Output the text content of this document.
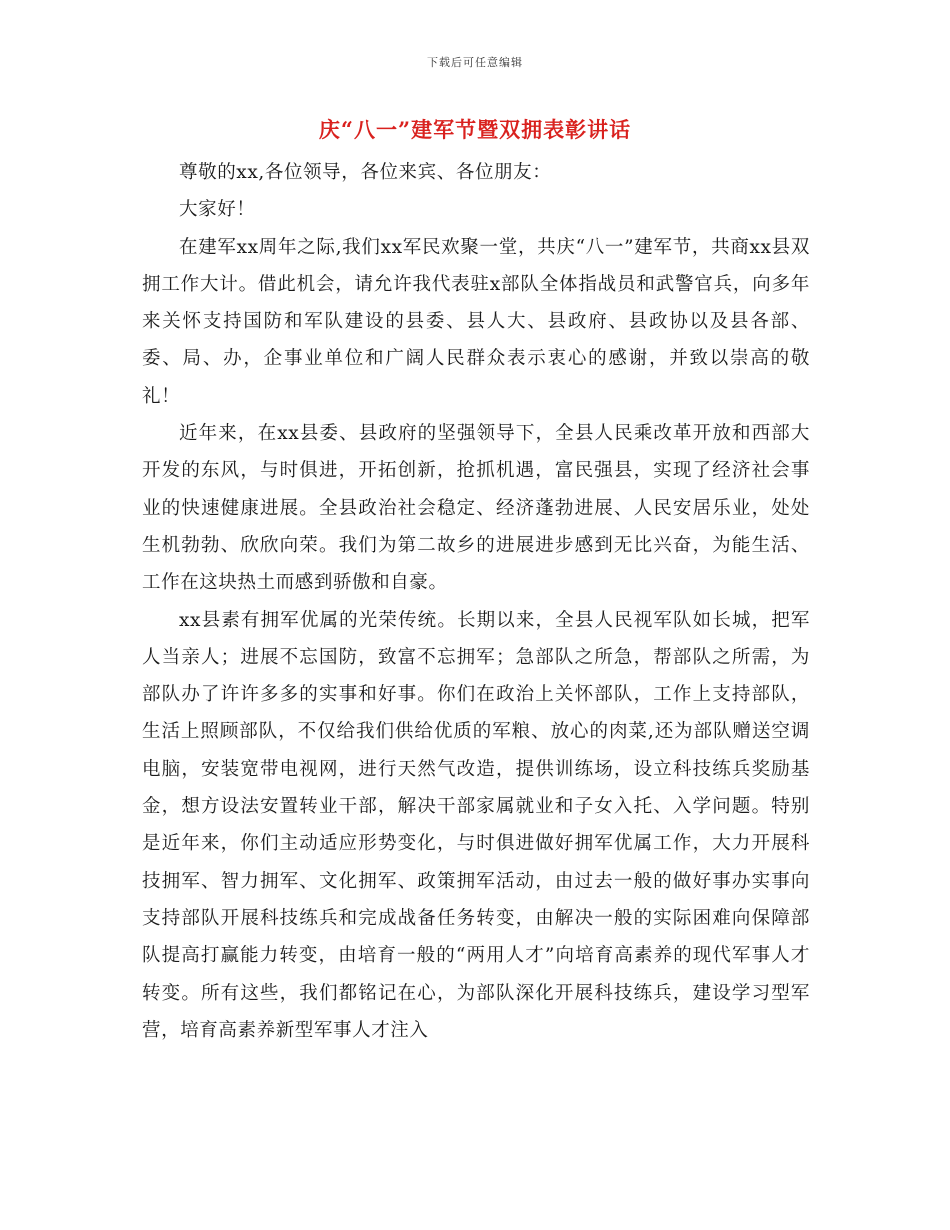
下载后可任意编辑
庆“八一”建军节暨双拥表彰讲话

尊敬的xx,各位领导，各位来宾、各位朋友：

大家好！

在建军xx周年之际,我们xx军民欢聚一堂，共庆“八一”建军节，共商xx县双拥工作大计。借此机会，请允许我代表驻x部队全体指战员和武警官兵，向多年来关怀支持国防和军队建设的县委、县人大、县政府、县政协以及县各部、委、局、办，企事业单位和广阔人民群众表示衷心的感谢，并致以崇高的敬礼！

近年来，在xx县委、县政府的坚强领导下，全县人民乘改革开放和西部大开发的东风，与时俱进，开拓创新，抢抓机遇，富民强县，实现了经济社会事业的快速健康进展。全县政治社会稳定、经济蓬勃进展、人民安居乐业，处处生机勃勃、欣欣向荣。我们为第二故乡的进展进步感到无比兴奋，为能生活、工作在这块热土而感到骄傲和自豪。

xx县素有拥军优属的光荣传统。长期以来，全县人民视军队如长城，把军人当亲人；进展不忘国防，致富不忘拥军；急部队之所急，帮部队之所需，为部队办了许许多多的实事和好事。你们在政治上关怀部队，工作上支持部队，生活上照顾部队，不仅给我们供给优质的军粮、放心的肉菜,还为部队赠送空调电脑，安装宽带电视网，进行天然气改造，提供训练场，设立科技练兵奖励基金，想方设法安置转业干部，解决干部家属就业和子女入托、入学问题。特别是近年来，你们主动适应形势变化，与时俱进做好拥军优属工作，大力开展科技拥军、智力拥军、文化拥军、政策拥军活动，由过去一般的做好事办实事向支持部队开展科技练兵和完成战备任务转变，由解决一般的实际困难向保障部队提高打赢能力转变，由培育一般的“两用人才”向培育高素养的现代军事人才转变。所有这些，我们都铭记在心，为部队深化开展科技练兵，建设学习型军营，培育高素养新型军事人才注入
